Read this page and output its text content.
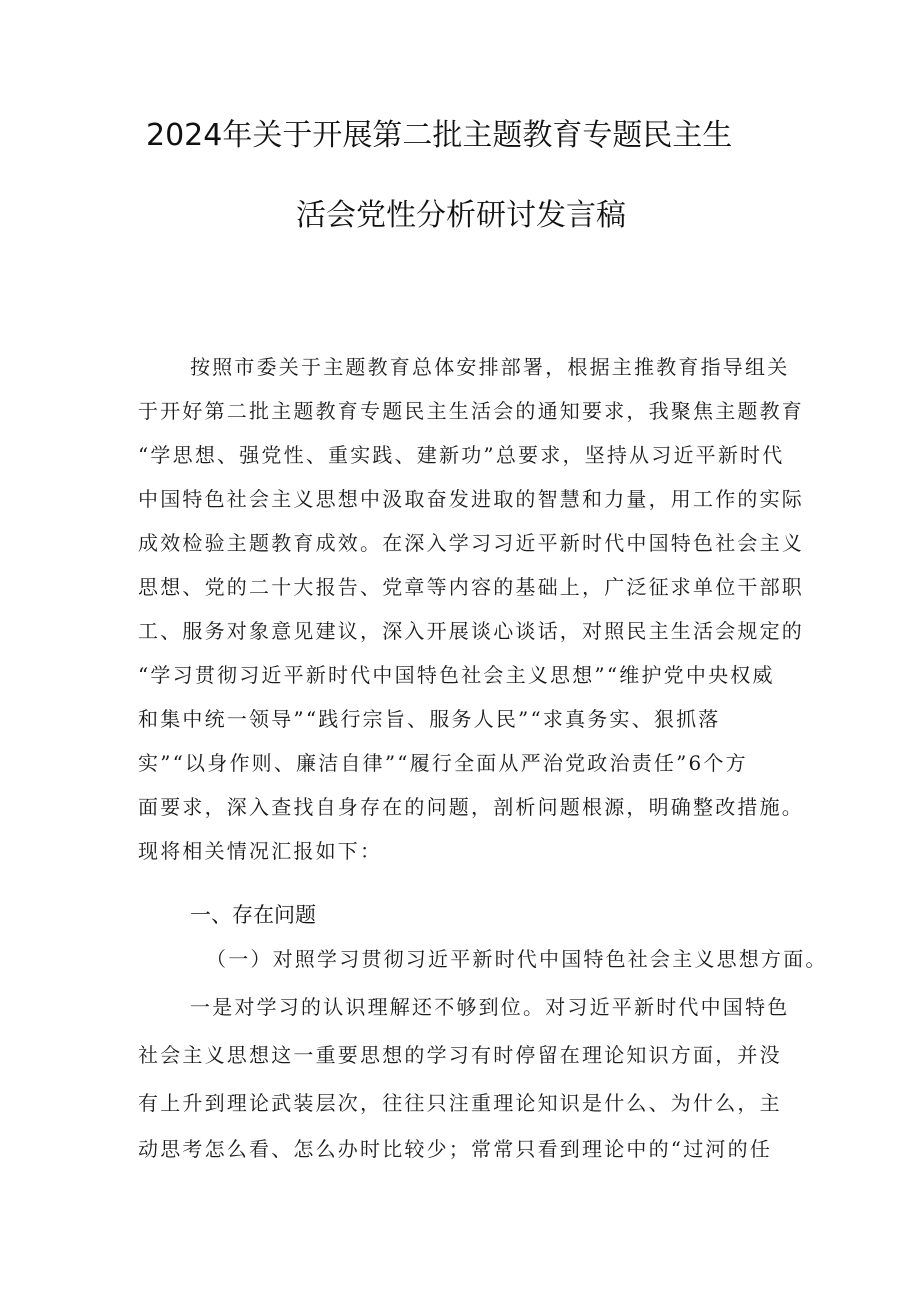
2024年关于开展第二批主题教育专题民主生
活会党性分析研讨发言稿
按照市委关于主题教育总体安排部署，根据主推教育指导组关
于开好第二批主题教育专题民主生活会的通知要求，我聚焦主题教育
“学思想、强党性、重实践、建新功”总要求，坚持从习近平新时代
中国特色社会主义思想中汲取奋发进取的智慧和力量，用工作的实际
成效检验主题教育成效。在深入学习习近平新时代中国特色社会主义
思想、党的二十大报告、党章等内容的基础上，广泛征求单位干部职
工、服务对象意见建议，深入开展谈心谈话，对照民主生活会规定的
“学习贯彻习近平新时代中国特色社会主义思想”“维护党中央权威
和集中统一领导”“践行宗旨、服务人民”“求真务实、狠抓落
实”“以身作则、廉洁自律”“履行全面从严治党政治责任”6个方
面要求，深入查找自身存在的问题，剖析问题根源，明确整改措施。
现将相关情况汇报如下：
一、存在问题
（一）对照学习贯彻习近平新时代中国特色社会主义思想方面。
一是对学习的认识理解还不够到位。对习近平新时代中国特色
社会主义思想这一重要思想的学习有时停留在理论知识方面，并没
有上升到理论武装层次，往往只注重理论知识是什么、为什么，主
动思考怎么看、怎么办时比较少；常常只看到理论中的“过河的任
